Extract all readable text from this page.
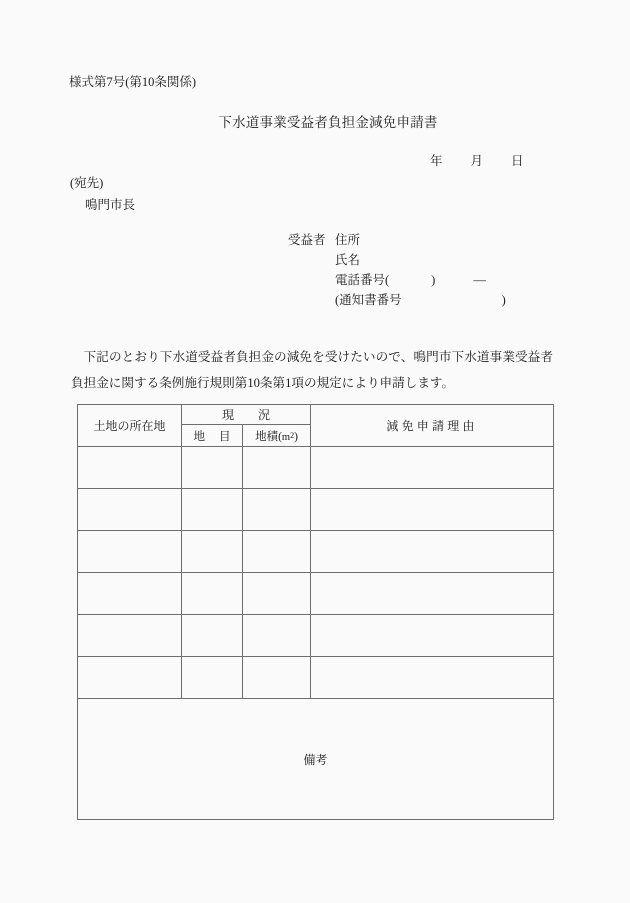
様式第7号(第10条関係)
下水道事業受益者負担金減免申請書
年 月 日
(宛先)
鳴門市長
受益者 住所
氏名
電話番号(	)	―
(通知書番号	)
下記のとおり下水道受益者負担金の減免を受けたいので、鳴門市下水道事業受益者負担金に関する条例施行規則第10条第1項の規定により申請します。
土地の所在地	現 況		減免申請理由
	地 目	地積(m2)	

備考			
